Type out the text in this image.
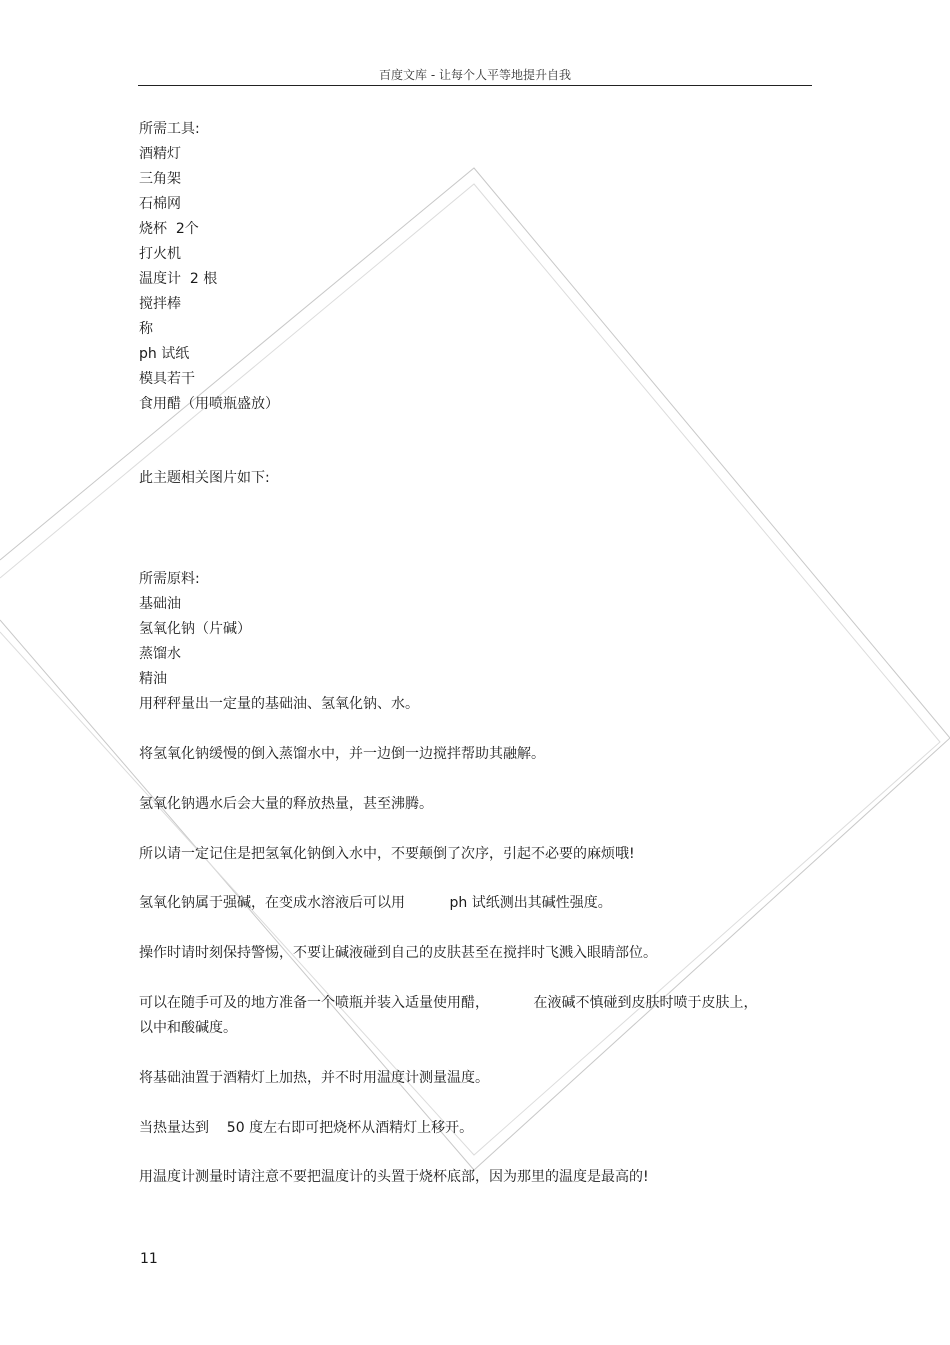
百度文库 - 让每个人平等地提升自我
所需工具:
酒精灯
三角架
石棉网
烧杯  2个
打火机
温度计  2 根
搅拌棒
称
ph 试纸
模具若干
食用醋（用喷瓶盛放）
此主题相关图片如下:
所需原料:
基础油
氢氧化钠（片碱）
蒸馏水
精油
用秤秤量出一定量的基础油、氢氧化钠、水。
将氢氧化钠缓慢的倒入蒸馏水中，并一边倒一边搅拌帮助其融解。
氢氧化钠遇水后会大量的释放热量，甚至沸腾。
所以请一定记住是把氢氧化钠倒入水中，不要颠倒了次序，引起不必要的麻烦哦!
氢氧化钠属于强碱，在变成水溶液后可以用          ph 试纸测出其碱性强度。
操作时请时刻保持警惕，不要让碱液碰到自己的皮肤甚至在搅拌时飞溅入眼睛部位。
可以在随手可及的地方准备一个喷瓶并装入适量使用醋，          在液碱不慎碰到皮肤时喷于皮肤上，
以中和酸碱度。
将基础油置于酒精灯上加热，并不时用温度计测量温度。
当热量达到    50 度左右即可把烧杯从酒精灯上移开。
用温度计测量时请注意不要把温度计的头置于烧杯底部，因为那里的温度是最高的!
11
